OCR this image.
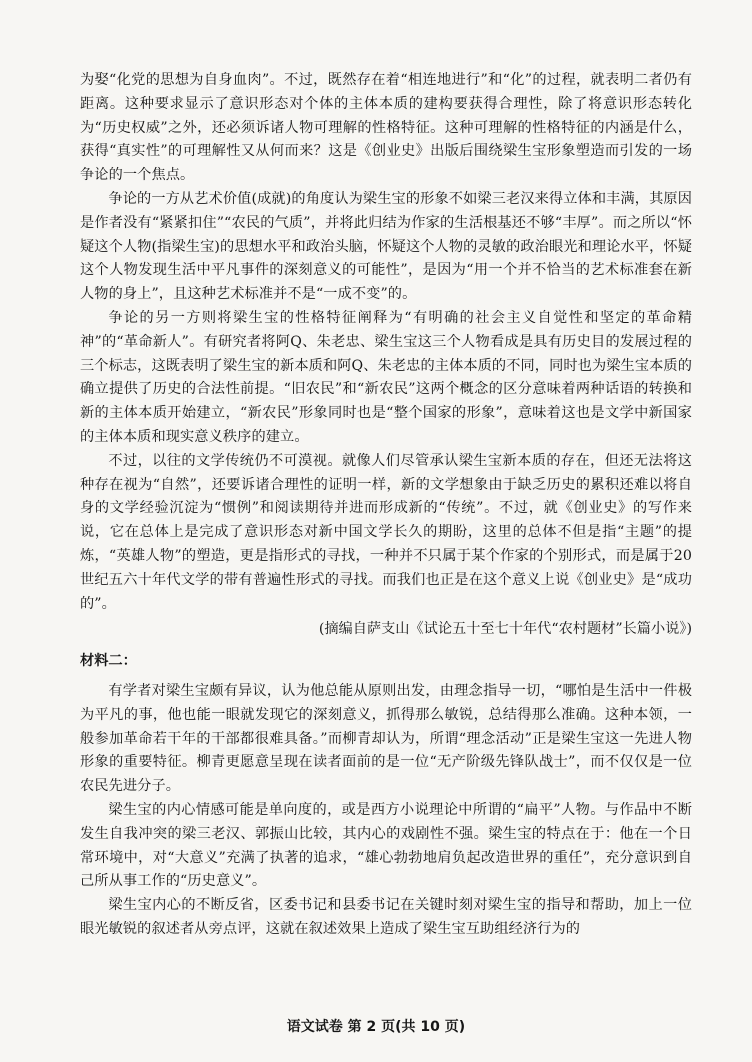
为娶“化党的思想为自身血肉”。不过，既然存在着“相连地进行”和“化”的过程，就表明二者仍有距离。这种要求显示了意识形态对个体的主体本质的建构要获得合理性，除了将意识形态转化为“历史权威”之外，还必须诉诸人物可理解的性格特征。这种可理解的性格特征的内涵是什么，获得“真实性”的可理解性又从何而来？这是《创业史》出版后围绕梁生宝形象塑造而引发的一场争论的一个焦点。

争论的一方从艺术价值(成就)的角度认为梁生宝的形象不如梁三老汉来得立体和丰满，其原因是作者没有“紧紧扣住”“农民的气质”，并将此归结为作家的生活根基还不够“丰厚”。而之所以“怀疑这个人物(指梁生宝)的思想水平和政治头脑，怀疑这个人物的灵敏的政治眼光和理论水平，怀疑这个人物发现生活中平凡事件的深刻意义的可能性”，是因为“用一个并不恰当的艺术标准套在新人物的身上”，且这种艺术标准并不是“一成不变”的。

争论的另一方则将梁生宝的性格特征阐释为“有明确的社会主义自觉性和坚定的革命精神”的“革命新人”。有研究者将阿Q、朱老忠、梁生宝这三个人物看成是具有历史目的发展过程的三个标志，这既表明了梁生宝的新本质和阿Q、朱老忠的主体本质的不同，同时也为梁生宝本质的确立提供了历史的合法性前提。“旧农民”和“新农民”这两个概念的区分意味着两种话语的转换和新的主体本质开始建立，“新农民”形象同时也是“整个国家的形象”，意味着这也是文学中新国家的主体本质和现实意义秩序的建立。

不过，以往的文学传统仍不可漠视。就像人们尽管承认梁生宝新本质的存在，但还无法将这种存在视为“自然”，还要诉诸合理性的证明一样，新的文学想象由于缺乏历史的累积还难以将自身的文学经验沉淀为“惯例”和阅读期待并进而形成新的“传统”。不过，就《创业史》的写作来说，它在总体上是完成了意识形态对新中国文学长久的期盼，这里的总体不但是指“主题”的提炼，“英雄人物”的塑造，更是指形式的寻找，一种并不只属于某个作家的个别形式，而是属于20世纪五六十年代文学的带有普遍性形式的寻找。而我们也正是在这个意义上说《创业史》是“成功的”。

(摘编自萨支山《试论五十至七十年代“农村题材”长篇小说》)

材料二：

有学者对梁生宝颇有异议，认为他总能从原则出发，由理念指导一切，“哪怕是生活中一件极为平凡的事，他也能一眼就发现它的深刻意义，抓得那么敏锐，总结得那么准确。这种本领，一般参加革命若干年的干部都很难具备。”而柳青却认为，所谓“理念活动”正是梁生宝这一先进人物形象的重要特征。柳青更愿意呈现在读者面前的是一位“无产阶级先锋队战士”，而不仅仅是一位农民先进分子。

梁生宝的内心情感可能是单向度的，或是西方小说理论中所谓的“扁平”人物。与作品中不断发生自我冲突的梁三老汉、郭振山比较，其内心的戏剧性不强。梁生宝的特点在于：他在一个日常环境中，对“大意义”充满了执著的追求，“雄心勃勃地肩负起改造世界的重任”，充分意识到自己所从事工作的“历史意义”。

梁生宝内心的不断反省，区委书记和县委书记在关键时刻对梁生宝的指导和帮助，加上一位眼光敏锐的叙述者从旁点评，这就在叙述效果上造成了梁生宝互助组经济行为的

语文试卷 第 2 页(共 10 页)
